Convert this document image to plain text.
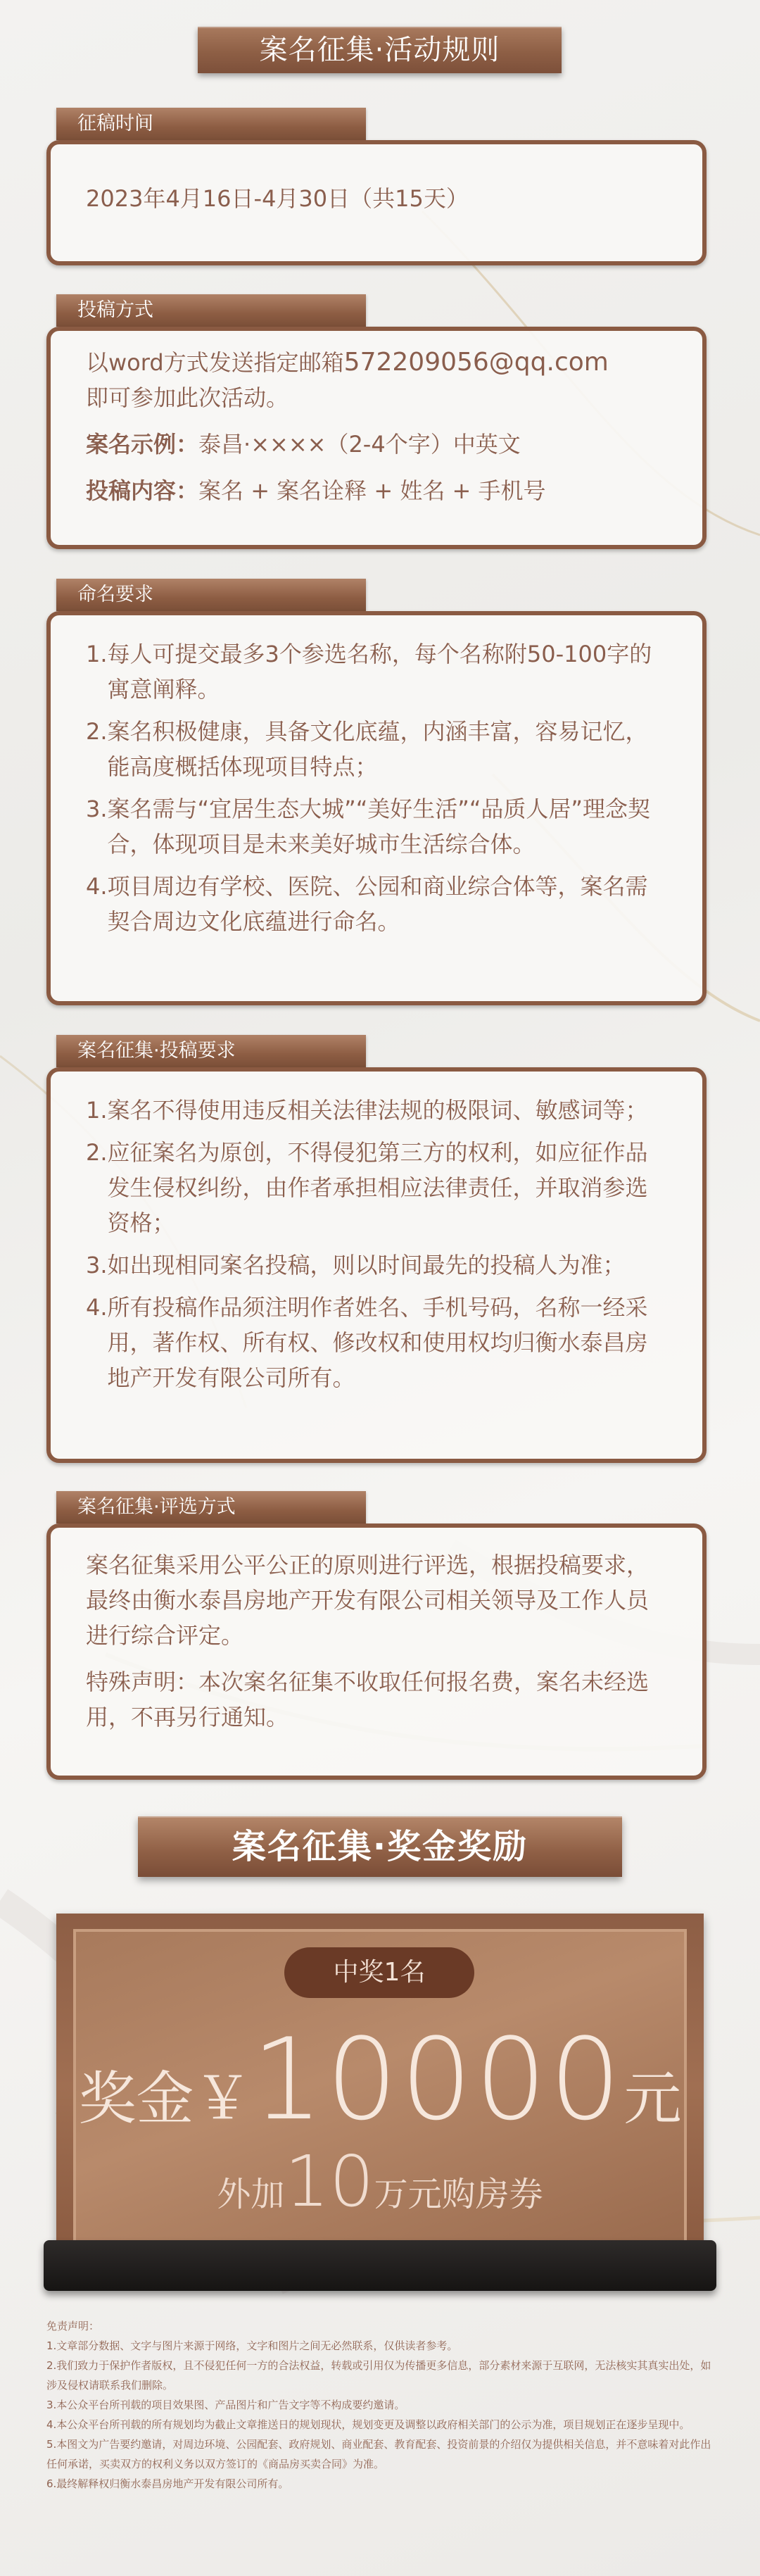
案名征集·活动规则
征稿时间

2023年4月16日-4月30日（共15天）

投稿方式

以word方式发送指定邮箱572209056@qq.com

即可参加此次活动。

案名示例：泰昌·××××（2-4个字）中英文

投稿内容：案名 + 案名诠释 + 姓名 + 手机号

命名要求
1. 每人可提交最多3个参选名称，每个名称附50-100字的寓意阐释。
2. 案名积极健康，具备文化底蕴，内涵丰富，容易记忆，能高度概括体现项目特点；
3. 案名需与“宜居生态大城”“美好生活”“品质人居”理念契合，体现项目是未来美好城市生活综合体。
4. 项目周边有学校、医院、公园和商业综合体等，案名需契合周边文化底蕴进行命名。
案名征集·投稿要求
1. 案名不得使用违反相关法律法规的极限词、敏感词等；
2. 应征案名为原创，不得侵犯第三方的权利，如应征作品发生侵权纠纷，由作者承担相应法律责任，并取消参选资格；
3. 如出现相同案名投稿，则以时间最先的投稿人为准；
4. 所有投稿作品须注明作者姓名、手机号码，名称一经采用，著作权、所有权、修改权和使用权均归衡水泰昌房地产开发有限公司所有。
案名征集·评选方式

案名征集采用公平公正的原则进行评选，根据投稿要求，最终由衡水泰昌房地产开发有限公司相关领导及工作人员进行综合评定。

特殊声明：本次案名征集不收取任何报名费，案名未经选用，不再另行通知。

案名征集·奖金奖励
中奖1名
奖金￥10000元
外加10万元购房券

免责声明：

1.文章部分数据、文字与图片来源于网络，文字和图片之间无必然联系，仅供读者参考。

2.我们致力于保护作者版权，且不侵犯任何一方的合法权益，转载或引用仅为传播更多信息，部分素材来源于互联网，无法核实其真实出处，如涉及侵权请联系我们删除。

3.本公众平台所刊载的项目效果图、产品图片和广告文字等不构成要约邀请。

4.本公众平台所刊载的所有规划均为截止文章推送日的规划现状，规划变更及调整以政府相关部门的公示为准，项目规划正在逐步呈现中。

5.本图文为广告要约邀请，对周边环境、公园配套、政府规划、商业配套、教育配套、投资前景的介绍仅为提供相关信息，并不意味着对此作出任何承诺，买卖双方的权利义务以双方签订的《商品房买卖合同》为准。

6.最终解释权归衡水泰昌房地产开发有限公司所有。
